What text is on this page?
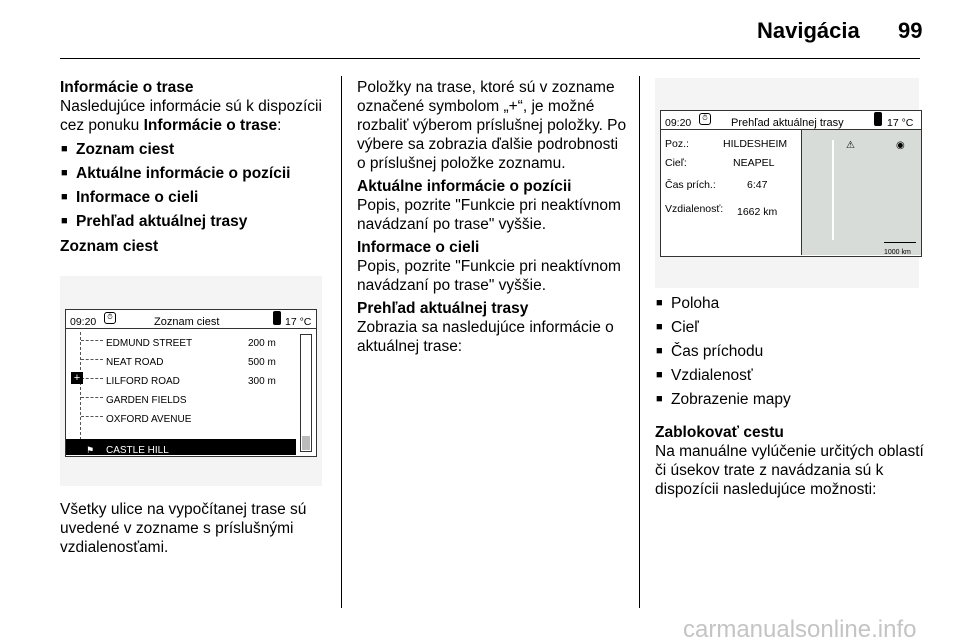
Navigácia 99
Informácie o trase

Nasledujúce informácie sú k dispozícii cez ponuku Informácie o trase:

■ Zoznam ciest
■ Aktuálne informácie o pozícii
■ Informace o cieli
■ Prehľad aktuálnej trasy
Zoznam ciest
09:20	⏱	Zoznam ciest	17 °C
+
EDMUND STREET	200 m
NEAT ROAD	500 m
LILFORD ROAD	300 m
GARDEN FIELDS
OXFORD AVENUE
⚑ CASTLE HILL

Všetky ulice na vypočítanej trase sú uvedené v zozname s príslušnými vzdialenosťami.

Položky na trase, ktoré sú v zozname označené symbolom „+“, je možné rozbaliť výberom príslušnej položky. Po výbere sa zobrazia ďalšie podrobnosti o príslušnej položke zoznamu.

Aktuálne informácie o pozícii

Popis, pozrite "Funkcie pri neaktívnom navádzaní po trase" vyššie.

Informace o cieli

Popis, pozrite "Funkcie pri neaktívnom navádzaní po trase" vyššie.

Prehľad aktuálnej trasy

Zobrazia sa nasledujúce informácie o aktuálnej trase:

09:20	⏱ Prehľad aktuálnej trasy	17 °C
Poz.:	HILDESHEIM
Cieľ:	NEAPEL
Čas prích.:	6:47
Vzdialenosť: 1662 km
⚠	◉
1000 km
■ Poloha
■ Cieľ
■ Čas príchodu
■ Vzdialenosť
■ Zobrazenie mapy
Zablokovať cestu

Na manuálne vylúčenie určitých oblastí či úsekov trate z navádzania sú k dispozícii nasledujúce možnosti:

carmanualsonline.info
